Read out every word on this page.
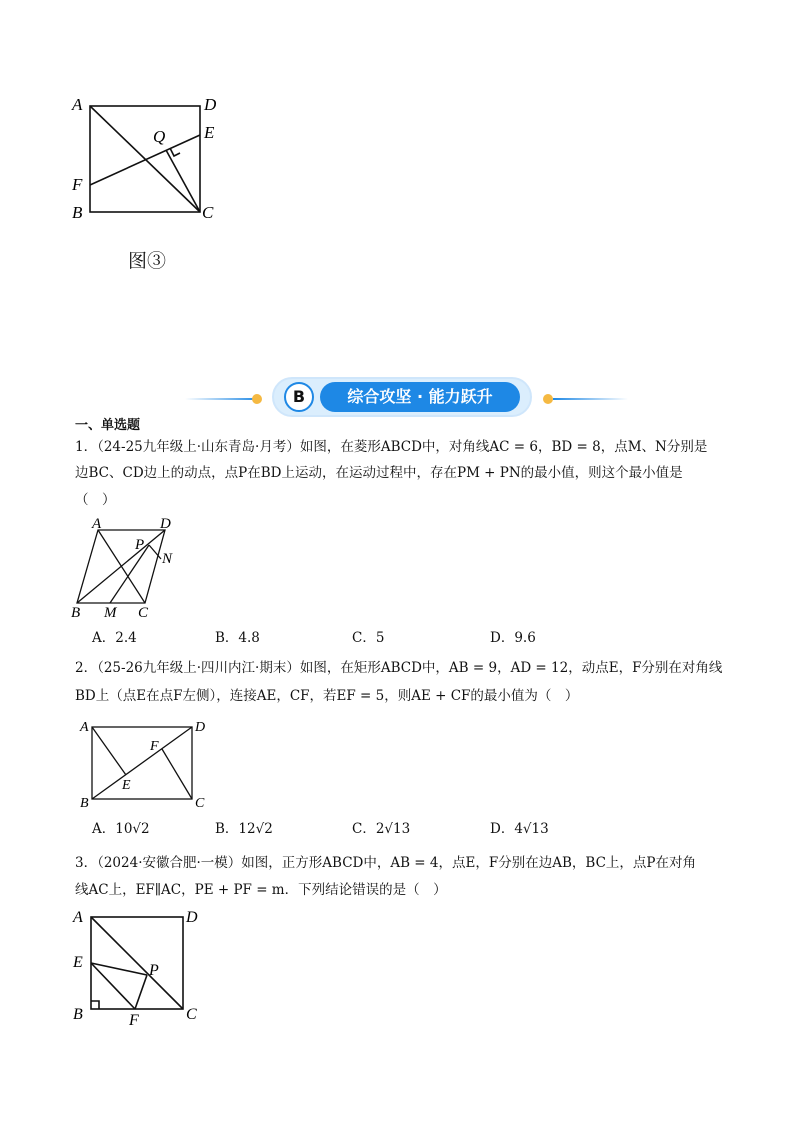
A	D
E
Q
F
B	C
图③
B	综合攻坚 · 能力跃升
一、单选题
1．（24-25九年级上·山东青岛·月考）如图，在菱形ABCD中，对角线AC = 6，BD = 8，点M、N分别是
边BC、CD边上的动点，点P在BD上运动，在运动过程中，存在PM + PN的最小值，则这个最小值是
（　）
A	D
P
N
B M C
A．2.4	B．4.8	C．5	D．9.6
2．（25-26九年级上·四川内江·期末）如图，在矩形ABCD中，AB = 9，AD = 12，动点E，F分别在对角线
BD上（点E在点F左侧），连接AE，CF，若EF = 5，则AE + CF的最小值为（　）
A	D
F
E
B	C
A．10√2	B．12√2	C．2√13	D．4√13
3．（2024·安徽合肥·一模）如图，正方形ABCD中，AB = 4，点E，F分别在边AB，BC上，点P在对角
线AC上，EF∥AC，PE + PF = m．下列结论错误的是（　）
A	D
E	P
B	F	C
